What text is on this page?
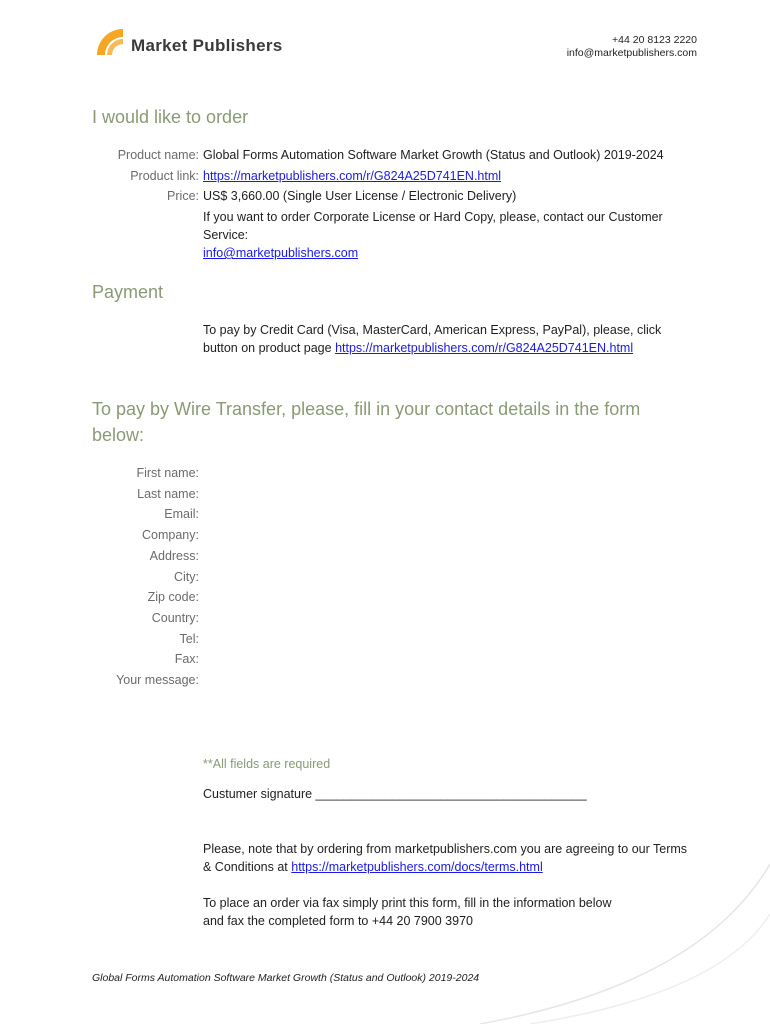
Market Publishers	+44 20 8123 2220
info@marketpublishers.com
I would like to order
Product name: Global Forms Automation Software Market Growth (Status and Outlook) 2019-2024
Product link: https://marketpublishers.com/r/G824A25D741EN.html
Price: US$ 3,660.00 (Single User License / Electronic Delivery)
If you want to order Corporate License or Hard Copy, please, contact our Customer
Service:
info@marketpublishers.com
Payment
To pay by Credit Card (Visa, MasterCard, American Express, PayPal), please, click
button on product page https://marketpublishers.com/r/G824A25D741EN.html
To pay by Wire Transfer, please, fill in your contact details in the form
below:
First name:
Last name:
Email:
Company:
Address:
City:
Zip code:
Country:
Tel:
Fax:
Your message:
**All fields are required
Custumer signature _______________________________________
Please, note that by ordering from marketpublishers.com you are agreeing to our Terms
& Conditions at https://marketpublishers.com/docs/terms.html
To place an order via fax simply print this form, fill in the information below
and fax the completed form to +44 20 7900 3970
Global Forms Automation Software Market Growth (Status and Outlook) 2019-2024
